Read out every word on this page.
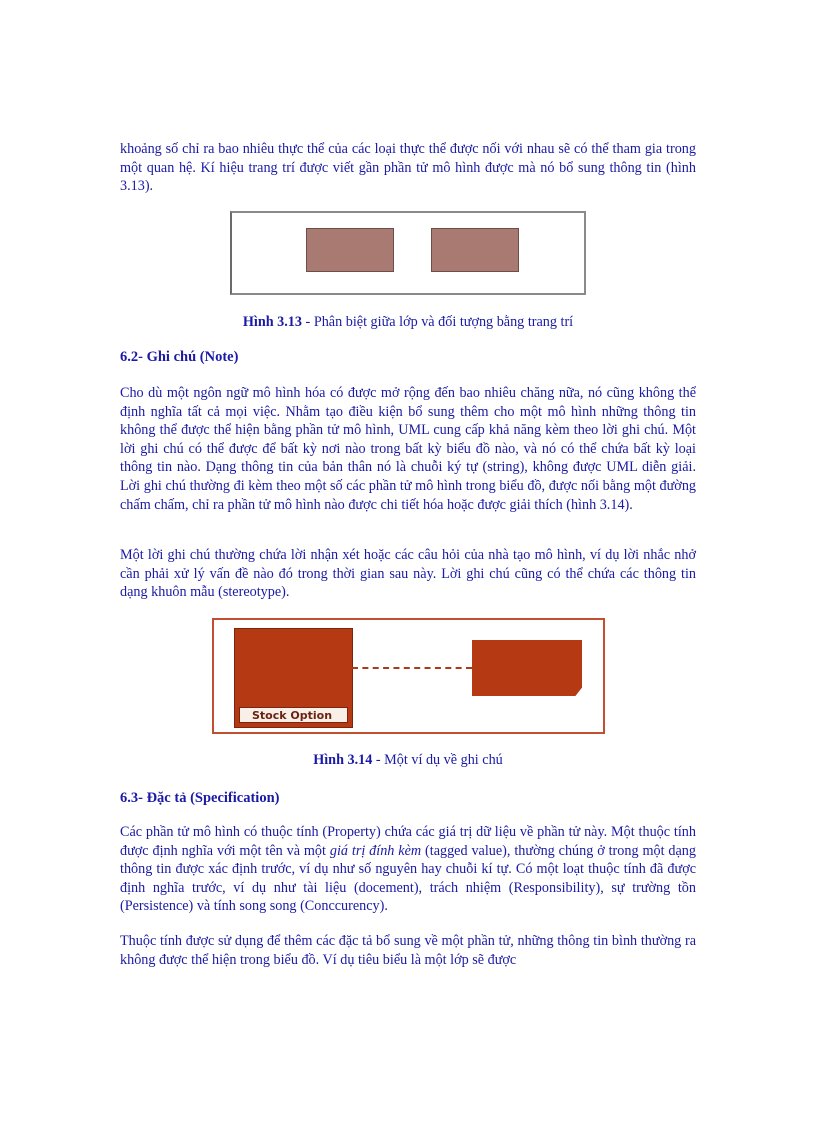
khoảng số chỉ ra bao nhiêu thực thể của các loại thực thể được nối với nhau sẽ có thể tham gia trong một quan hệ. Kí hiệu trang trí được viết gần phần tử mô hình được mà nó bổ sung thông tin (hình 3.13).

Hình 3.13 - Phân biệt giữa lớp và đối tượng bằng trang trí

6.2- Ghi chú (Note)

Cho dù một ngôn ngữ mô hình hóa có được mở rộng đến bao nhiêu chăng nữa, nó cũng không thể định nghĩa tất cả mọi việc. Nhằm tạo điều kiện bổ sung thêm cho một mô hình những thông tin không thể được thể hiện bằng phần tử mô hình, UML cung cấp khả năng kèm theo lời ghi chú. Một lời ghi chú có thể được để bất kỳ nơi nào trong bất kỳ biểu đồ nào, và nó có thể chứa bất kỳ loại thông tin nào. Dạng thông tin của bản thân nó là chuỗi ký tự (string), không được UML diễn giải. Lời ghi chú thường đi kèm theo một số các phần tử mô hình trong biểu đồ, được nối bằng một đường chấm chấm, chỉ ra phần tử mô hình nào được chi tiết hóa hoặc được giải thích (hình 3.14).

Một lời ghi chú thường chứa lời nhận xét hoặc các câu hỏi của nhà tạo mô hình, ví dụ lời nhắc nhở cần phải xử lý vấn đề nào đó trong thời gian sau này. Lời ghi chú cũng có thể chứa các thông tin dạng khuôn mẫu (stereotype).

Stock Option

Hình 3.14 - Một ví dụ về ghi chú

6.3- Đặc tả (Specification)

Các phần tử mô hình có thuộc tính (Property) chứa các giá trị dữ liệu về phần tử này. Một thuộc tính được định nghĩa với một tên và một giá trị đính kèm (tagged value), thường chúng ở trong một dạng thông tin được xác định trước, ví dụ như số nguyên hay chuỗi kí tự. Có một loạt thuộc tính đã được định nghĩa trước, ví dụ như tài liệu (docement), trách nhiệm (Responsibility), sự trường tồn (Persistence) và tính song song (Conccurency).

Thuộc tính được sử dụng để thêm các đặc tả bổ sung về một phần tử, những thông tin bình thường ra không được thể hiện trong biểu đồ. Ví dụ tiêu biểu là một lớp sẽ được
